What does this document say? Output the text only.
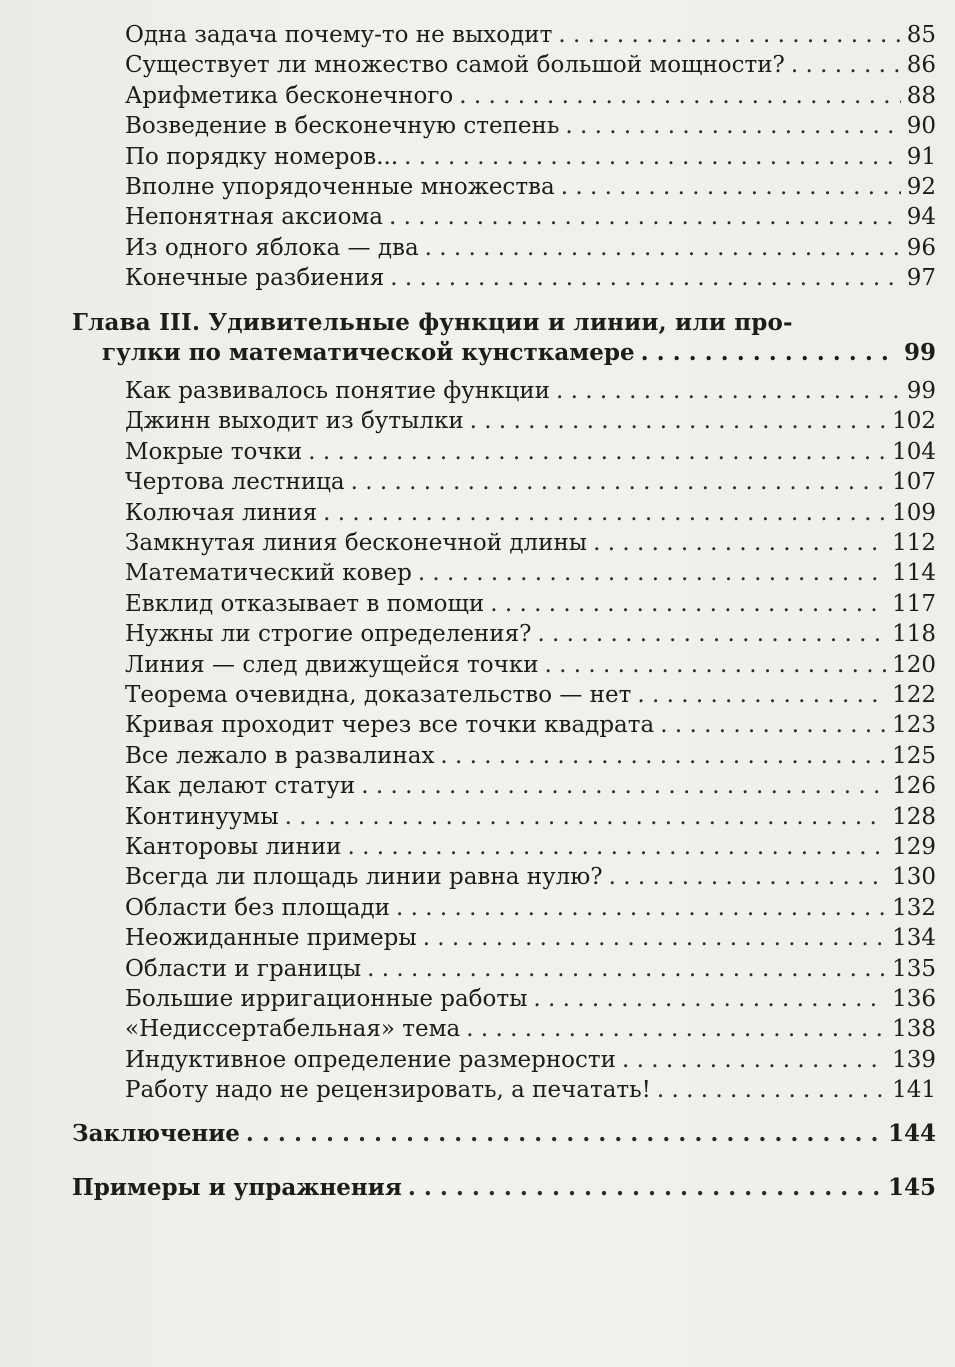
Одна задача почему-то не выходит . . .	85
Существует ли множество самой большой мощности? . . .	86
Арифметика бесконечного . . .	88
Возведение в бесконечную степень . . .	90
По порядку номеров... . . .	91
Вполне упорядоченные множества . . .	92
Непонятная аксиома . . .	94
Из одного яблока — два . . .	96
Конечные разбиения . . .	97
Глава III. Удивительные функции и линии, или про-
гулки по математической кунсткамере . . .	99
Как развивалось понятие функции . . .	99
Джинн выходит из бутылки . . .	102
Мокрые точки . . .	104
Чертова лестница . . .	107
Колючая линия . . .	109
Замкнутая линия бесконечной длины . . .	112
Математический ковер . . .	114
Евклид отказывает в помощи . . .	117
Нужны ли строгие определения? . . .	118
Линия — след движущейся точки . . .	120
Теорема очевидна, доказательство — нет . . .	122
Кривая проходит через все точки квадрата . . .	123
Все лежало в развалинах . . .	125
Как делают статуи . . .	126
Континуумы . . .	128
Канторовы линии . . .	129
Всегда ли площадь линии равна нулю? . . .	130
Области без площади . . .	132
Неожиданные примеры . . .	134
Области и границы . . .	135
Большие ирригационные работы . . .	136
«Недиссертабельная» тема . . .	138
Индуктивное определение размерности . . .	139
Работу надо не рецензировать, а печатать! . . .	141
Заключение . . .	144
Примеры и упражнения . . .	145
